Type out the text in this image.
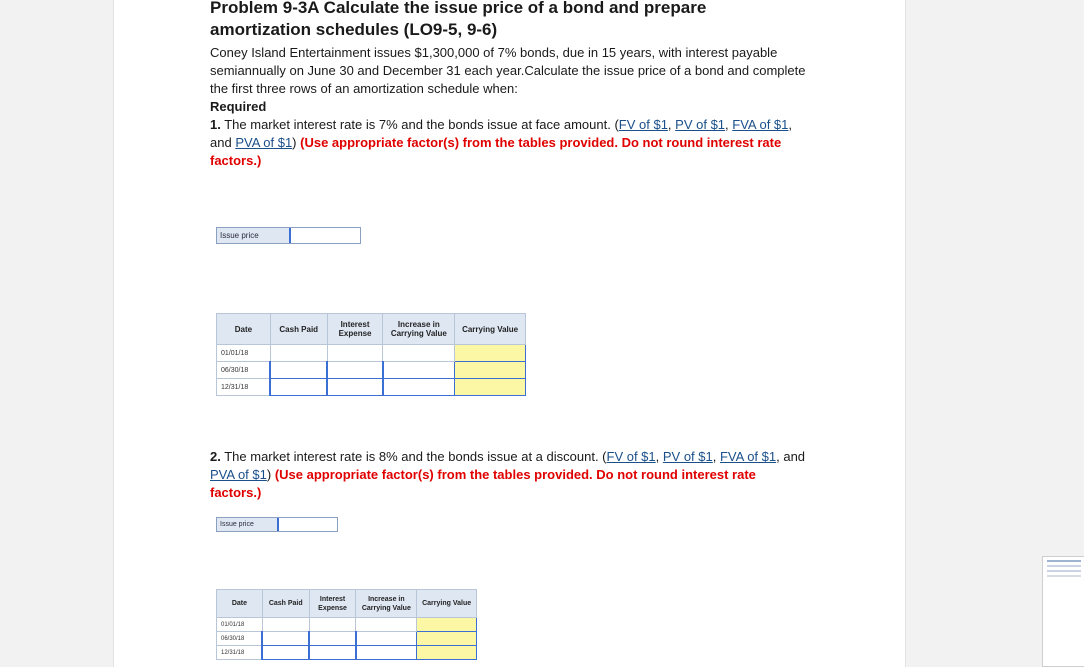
Problem 9-3A Calculate the issue price of a bond and prepare
amortization schedules (LO9-5, 9-6)
Coney Island Entertainment issues $1,300,000 of 7% bonds, due in 15 years, with interest payable semiannually on June 30 and December 31 each year.Calculate the issue price of a bond and complete the first three rows of an amortization schedule when:
Required
1. The market interest rate is 7% and the bonds issue at face amount. (FV of $1, PV of $1, FVA of $1, and PVA of $1) (Use appropriate factor(s) from the tables provided. Do not round interest rate factors.)
Issue price
Date	Cash Paid	Interest Expense	Increase in Carrying Value	Carrying Value
01/01/18				
06/30/18				
12/31/18				
2. The market interest rate is 8% and the bonds issue at a discount. (FV of $1, PV of $1, FVA of $1, and PVA of $1) (Use appropriate factor(s) from the tables provided. Do not round interest rate factors.)
Issue price
Date	Cash Paid	Interest Expense	Increase in Carrying Value	Carrying Value
01/01/18				
06/30/18				
12/31/18				
